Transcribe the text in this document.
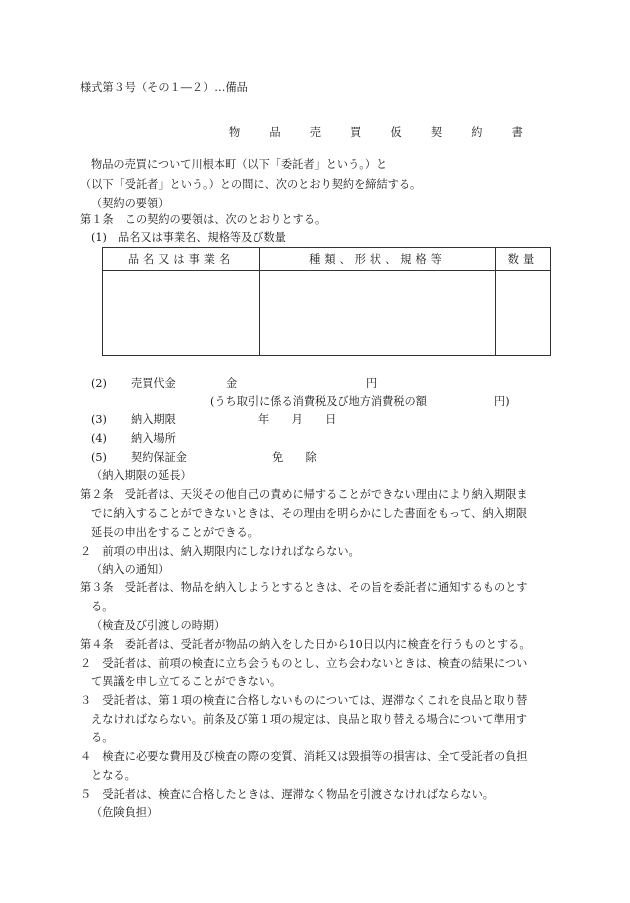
様式第３号（その１―２）…備品
物　品　売　買　仮　契　約　書
物品の売買について川根本町（以下「委託者」という。）と
（以下「受託者」という。）との間に、次のとおり契約を締結する。
（契約の要領）
第１条　この契約の要領は、次のとおりとする。
(1)　品名又は事業名、規格等及び数量
品名又は事業名	種類、形状、規格等	数量

(2) 売買代金	金	円
(うち取引に係る消費税及び地方消費税の額　　　　　　円)
(3) 納入期限	年　　月　　日
(4) 納入場所
(5) 契約保証金	免　　除
（納入期限の延長）
第２条　受託者は、天災その他自己の責めに帰することができない理由により納入期限ま
でに納入することができないときは、その理由を明らかにした書面をもって、納入期限
延長の申出をすることができる。
２　前項の申出は、納入期限内にしなければならない。
（納入の通知）
第３条　受託者は、物品を納入しようとするときは、その旨を委託者に通知するものとす
る。
（検査及び引渡しの時期）
第４条　委託者は、受託者が物品の納入をした日から10日以内に検査を行うものとする。
２　受託者は、前項の検査に立ち会うものとし、立ち会わないときは、検査の結果につい
て異議を申し立てることができない。
３　受託者は、第１項の検査に合格しないものについては、遅滞なくこれを良品と取り替
えなければならない。前条及び第１項の規定は、良品と取り替える場合について準用す
る。
４　検査に必要な費用及び検査の際の変質、消耗又は毀損等の損害は、全て受託者の負担
となる。
５　受託者は、検査に合格したときは、遅滞なく物品を引渡さなければならない。
（危険負担）
